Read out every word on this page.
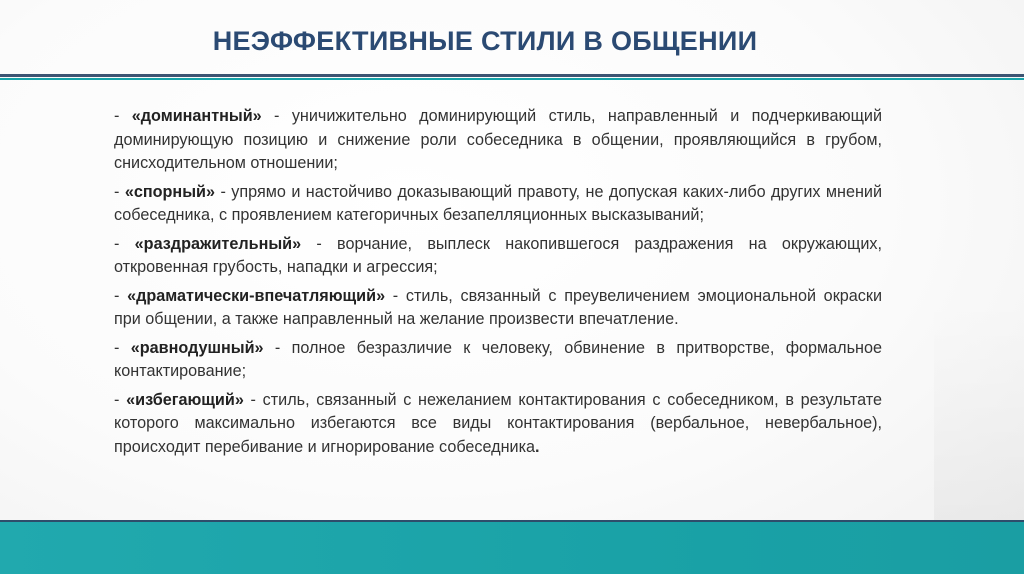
НЕЭФФЕКТИВНЫЕ СТИЛИ В ОБЩЕНИИ

- «доминантный» - уничижительно доминирующий стиль, направленный и подчеркивающий доминирующую позицию и снижение роли собеседника в общении, проявляющийся в грубом, снисходительном отношении;

- «спорный» - упрямо и настойчиво доказывающий правоту, не допуская каких-либо других мнений собеседника, с проявлением категоричных безапелляционных высказываний;

- «раздражительный» - ворчание, выплеск накопившегося раздражения на окружающих, откровенная грубость, нападки и агрессия;

- «драматически-впечатляющий» - стиль, связанный с преувеличением эмоциональной окраски при общении, а также направленный на желание произвести впечатление.

- «равнодушный» - полное безразличие к человеку, обвинение в притворстве, формальное контактирование;

- «избегающий» - стиль, связанный с нежеланием контактирования с собеседником, в результате которого максимально избегаются все виды контактирования (вербальное, невербальное), происходит перебивание и игнорирование собеседника.
